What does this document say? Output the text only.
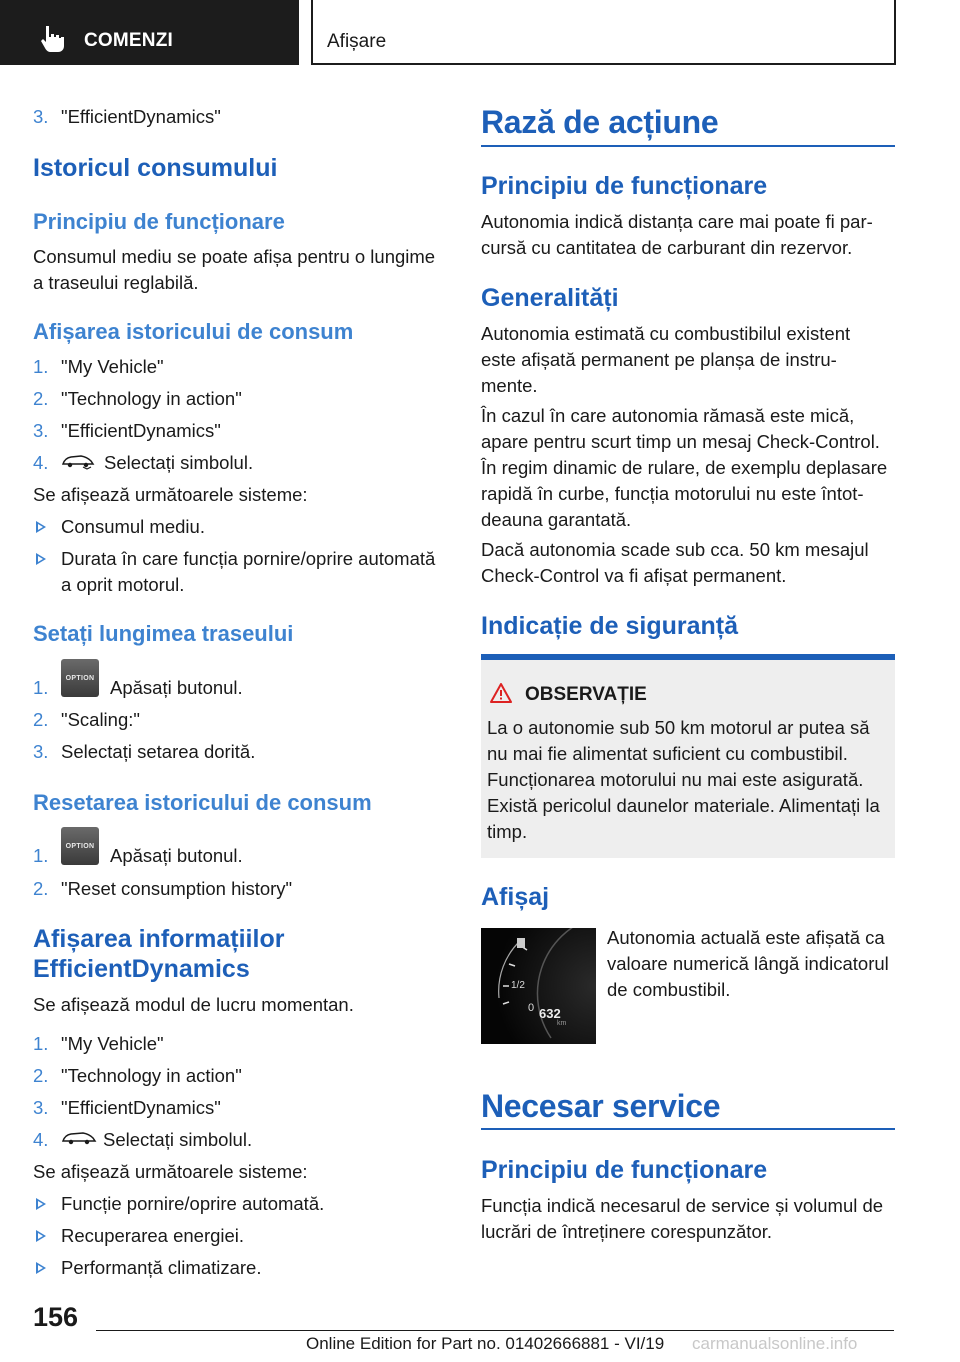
COMENZI	Afișare
3. "EfficientDynamics"
Istoricul consumului
Principiu de funcționare
Consumul mediu se poate afișa pentru o lungime
a traseului reglabilă.
Afișarea istoricului de consum
1. "My Vehicle"
2. "Technology in action"
3. "EfficientDynamics"
4.	Selectați simbolul.
Se afișează următoarele sisteme:
Consumul mediu.
Durata în care funcția pornire/oprire automată
a oprit motorul.
Setați lungimea traseului
1.	OPTION Apăsați butonul.
2. "Scaling:"
3. Selectați setarea dorită.
Resetarea istoricului de consum
1.	OPTION Apăsați butonul.
2. "Reset consumption history"
Afișarea informațiilor
EfficientDynamics
Se afișează modul de lucru momentan.
1. "My Vehicle"
2. "Technology in action"
3. "EfficientDynamics"
4.	Selectați simbolul.
Se afișează următoarele sisteme:
Funcție pornire/oprire automată.
Recuperarea energiei.
Performanță climatizare.
Rază de acțiune
Principiu de funcționare
Autonomia indică distanța care mai poate fi par-
cursă cu cantitatea de carburant din rezervor.
Generalități
Autonomia estimată cu combustibilul existent
este afișată permanent pe planșa de instru-
mente.
În cazul în care autonomia rămasă este mică,
apare pentru scurt timp un mesaj Check-Control.
În regim dinamic de rulare, de exemplu deplasare
rapidă în curbe, funcția motorului nu este întot-
deauna garantată.
Dacă autonomia scade sub cca. 50 km mesajul
Check-Control va fi afișat permanent.
Indicație de siguranță
OBSERVAȚIE
La o autonomie sub 50 km motorul ar putea să
nu mai fie alimentat suficient cu combustibil.
Funcționarea motorului nu mai este asigurată.
Există pericolul daunelor materiale. Alimentați la
timp.
Afișaj
1/2
0 632
km
Autonomia actuală este afișată ca
valoare numerică lângă indicatorul
de combustibil.
Necesar service
Principiu de funcționare
Funcția indică necesarul de service și volumul de
lucrări de întreținere corespunzător.
156
Online Edition for Part no. 01402666881 - VI/19 carmanualsonline.info
